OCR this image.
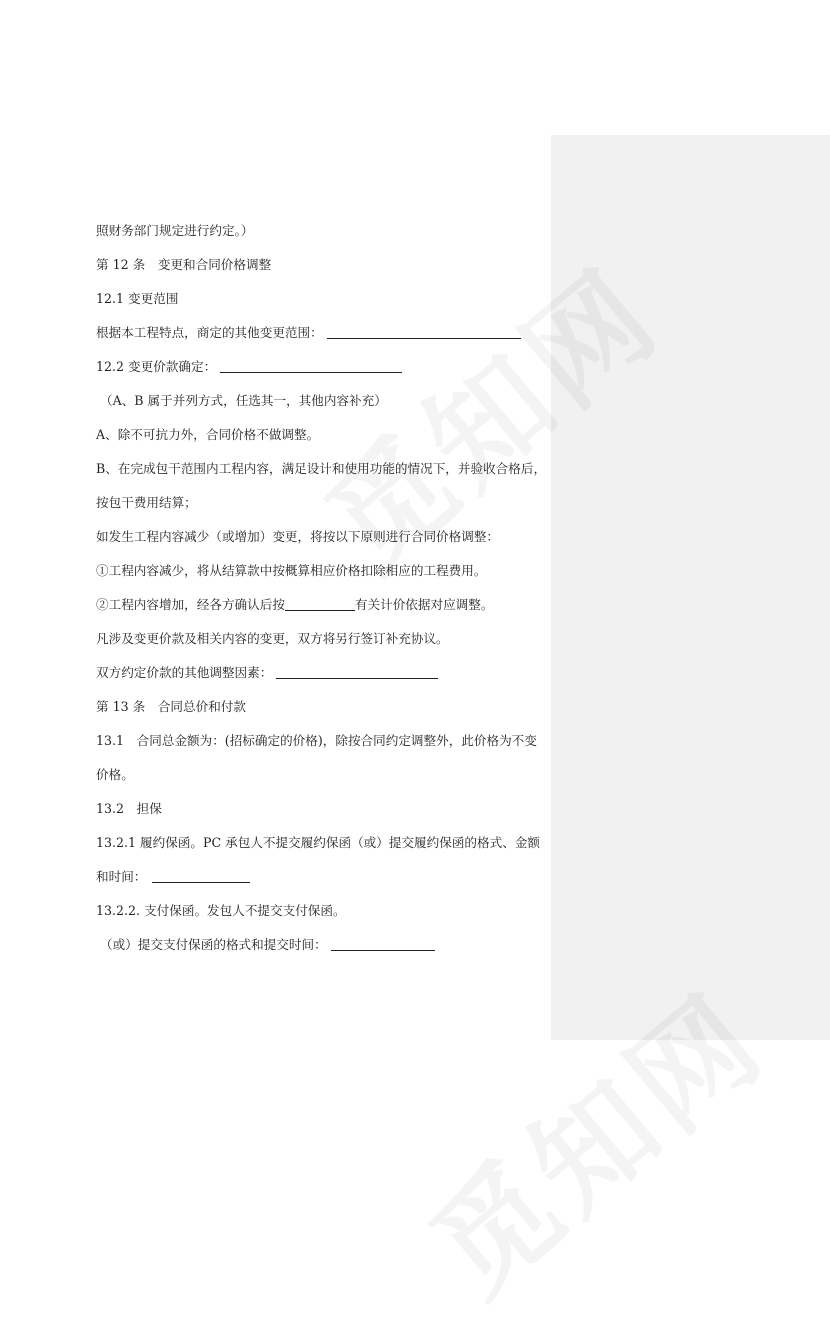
照财务部门规定进行约定。）
第 12 条　变更和合同价格调整
12.1 变更范围
根据本工程特点，商定的其他变更范围：
12.2 变更价款确定：
（A、B 属于并列方式，任选其一，其他内容补充）
A、除不可抗力外，合同价格不做调整。
B、在完成包干范围内工程内容，满足设计和使用功能的情况下，并验收合格后，
按包干费用结算；
如发生工程内容减少（或增加）变更，将按以下原则进行合同价格调整：
①工程内容减少，将从结算款中按概算相应价格扣除相应的工程费用。
②工程内容增加，经各方确认后按	有关计价依据对应调整。
凡涉及变更价款及相关内容的变更，双方将另行签订补充协议。
双方约定价款的其他调整因素：
第 13 条　合同总价和付款
13.1　合同总金额为：(招标确定的价格)，除按合同约定调整外，此价格为不变
价格。
13.2　担保
13.2.1 履约保函。PC 承包人不提交履约保函（或）提交履约保函的格式、金额
和时间：
13.2.2. 支付保函。发包人不提交支付保函。
（或）提交支付保函的格式和提交时间：
